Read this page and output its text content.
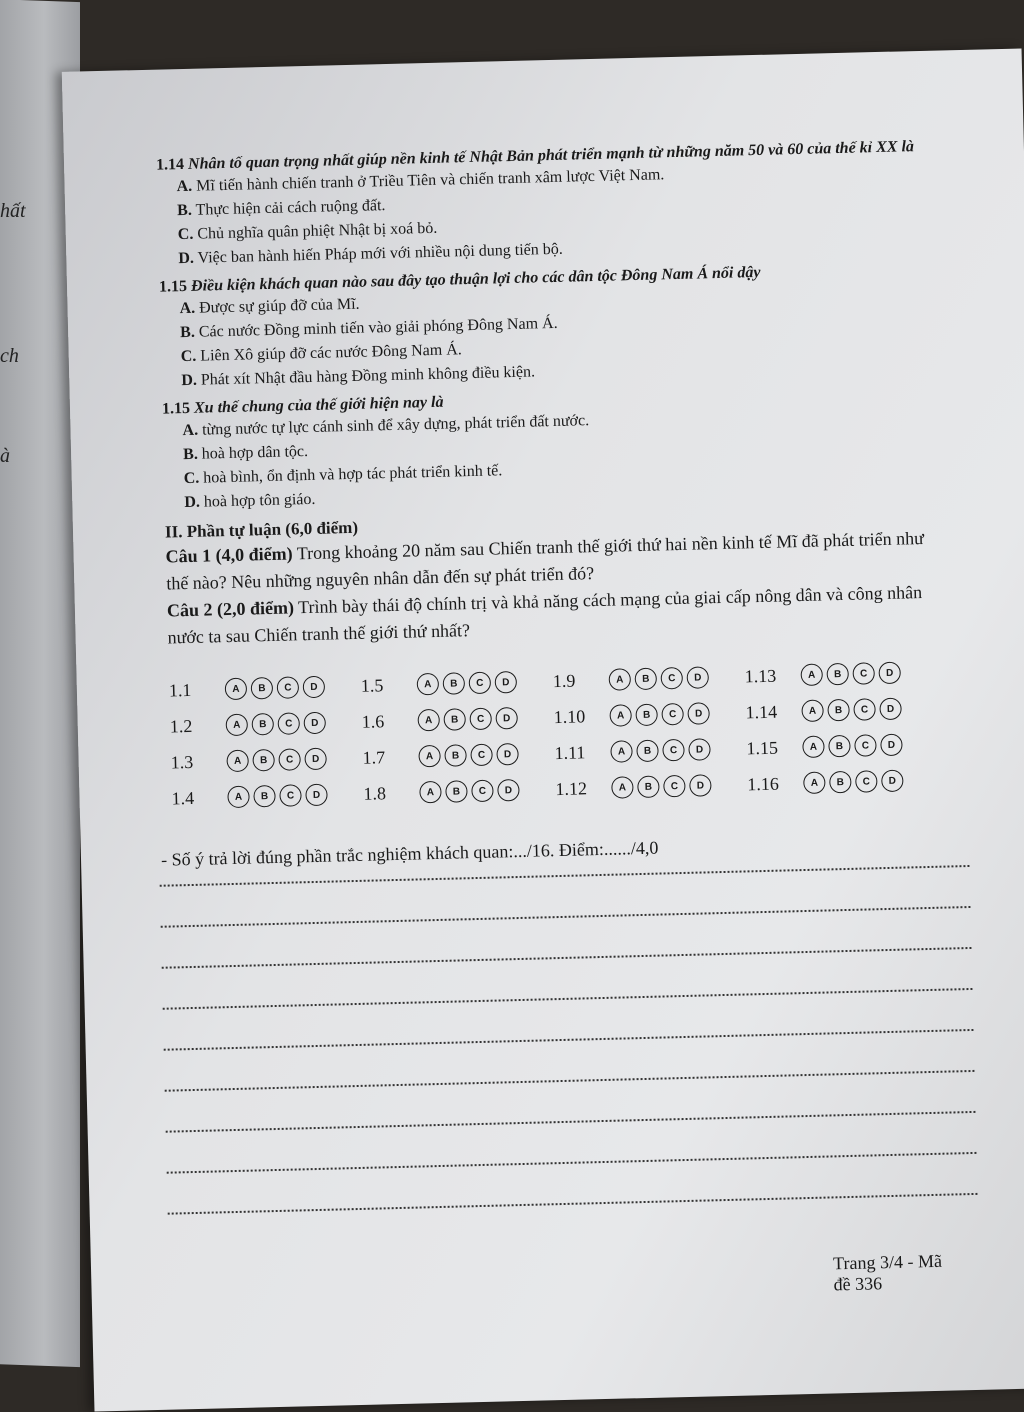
hất
ch
à
1.14 Nhân tố quan trọng nhất giúp nền kinh tế Nhật Bản phát triển mạnh từ những năm 50 và 60 của thế kỉ XX là
A. Mĩ tiến hành chiến tranh ở Triều Tiên và chiến tranh xâm lược Việt Nam.
B. Thực hiện cải cách ruộng đất.
C. Chủ nghĩa quân phiệt Nhật bị xoá bỏ.
D. Việc ban hành hiến Pháp mới với nhiều nội dung tiến bộ.
1.15 Điều kiện khách quan nào sau đây tạo thuận lợi cho các dân tộc Đông Nam Á nổi dậy
A. Được sự giúp đỡ của Mĩ.
B. Các nước Đồng minh tiến vào giải phóng Đông Nam Á.
C. Liên Xô giúp đỡ các nước Đông Nam Á.
D. Phát xít Nhật đầu hàng Đồng minh không điều kiện.
1.15 Xu thế chung của thế giới hiện nay là
A. từng nước tự lực cánh sinh để xây dựng, phát triển đất nước.
B. hoà hợp dân tộc.
C. hoà bình, ổn định và hợp tác phát triển kinh tế.
D. hoà hợp tôn giáo.
II. Phần tự luận (6,0 điểm)
Câu 1 (4,0 điểm) Trong khoảng 20 năm sau Chiến tranh thế giới thứ hai nền kinh tế Mĩ đã phát triển như thế nào? Nêu những nguyên nhân dẫn đến sự phát triển đó?
Câu 2 (2,0 điểm) Trình bày thái độ chính trị và khả năng cách mạng của giai cấp nông dân và công nhân nước ta sau Chiến tranh thế giới thứ nhất?
1.1	A	B	C	D
1.2	A	B	C	D
1.3	A	B	C	D
1.4	A	B	C	D
1.5	A	B	C	D
1.6	A	B	C	D
1.7	A	B	C	D
1.8	A	B	C	D
1.9	A	B	C	D
1.10	A	B	C	D
1.11	A	B	C	D
1.12	A	B	C	D
1.13	A	B	C	D
1.14	A	B	C	D
1.15	A	B	C	D
1.16	A	B	C	D
- Số ý trả lời đúng phần trắc nghiệm khách quan:.../16. Điểm:....../4,0
Trang 3/4 - Mã đề 336
